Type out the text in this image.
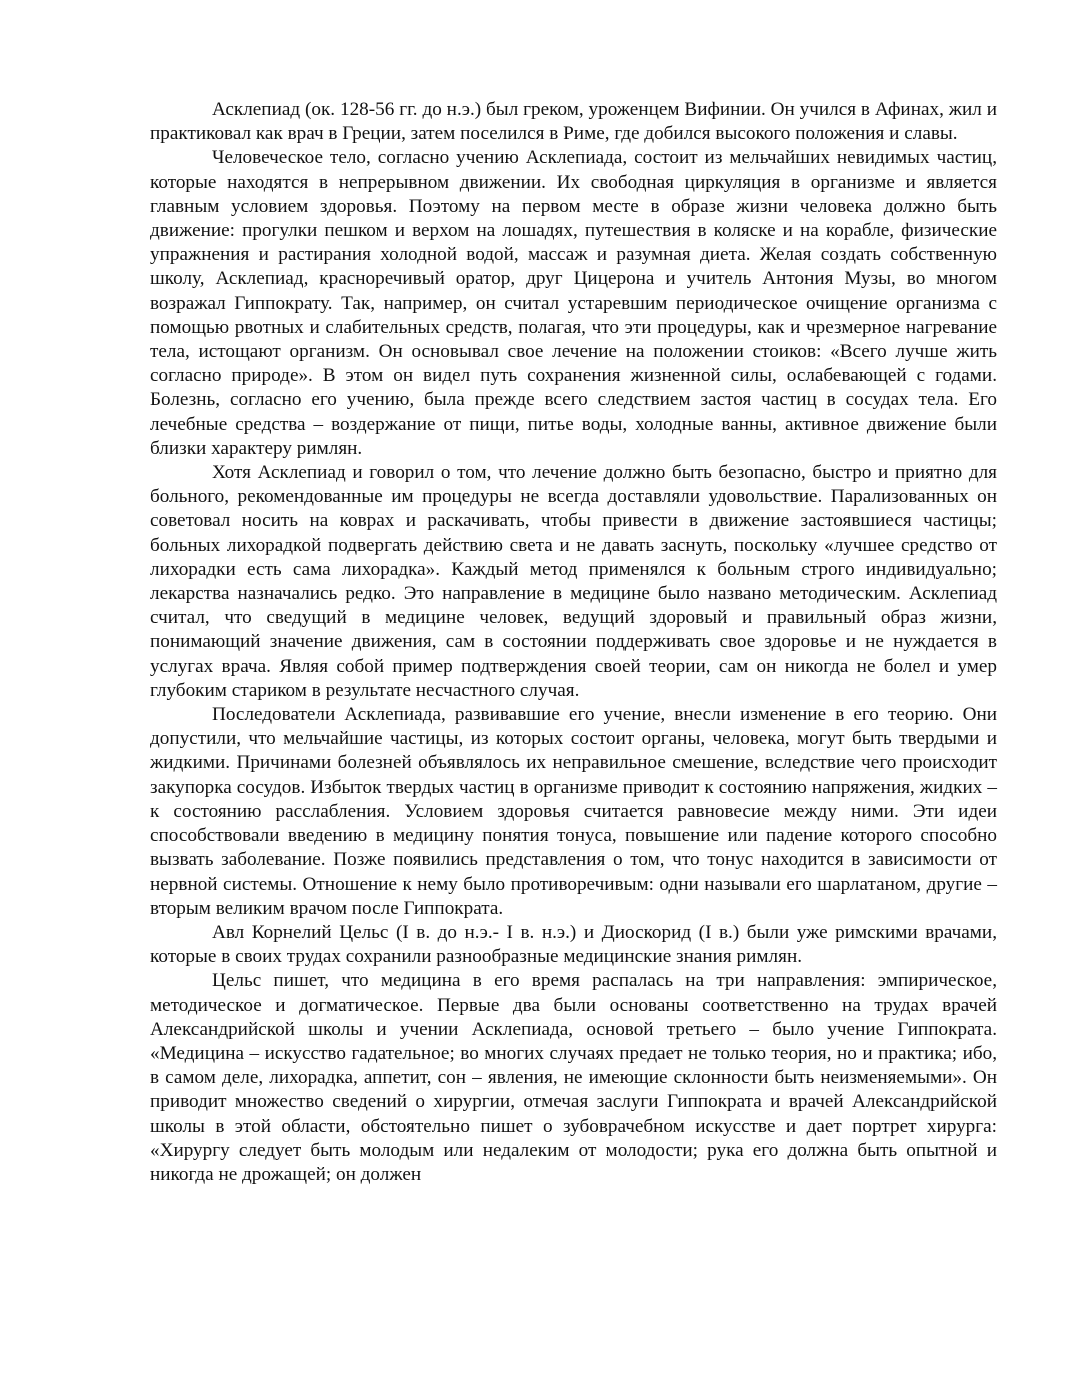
Асклепиад (ок. 128-56 гг. до н.э.) был греком, уроженцем Вифинии. Он учился в Афинах, жил и практиковал как врач в Греции, затем поселился в Риме, где добился высокого положения и славы.

Человеческое тело, согласно учению Асклепиада, состоит из мельчайших невидимых частиц, которые находятся в непрерывном движении. Их свободная циркуляция в организме и является главным условием здоровья. Поэтому на первом месте в образе жизни человека должно быть движение: прогулки пешком и верхом на лошадях, путешествия в коляске и на корабле, физические упражнения и растирания холодной водой, массаж и разумная диета. Желая создать собственную школу, Асклепиад, красноречивый оратор, друг Цицерона и учитель Антония Музы, во многом возражал Гиппократу. Так, например, он считал устаревшим периодическое очищение организма с помощью рвотных и слабительных средств, полагая, что эти процедуры, как и чрезмерное нагревание тела, истощают организм. Он основывал свое лечение на положении стоиков: «Всего лучше жить согласно природе». В этом он видел путь сохранения жизненной силы, ослабевающей с годами. Болезнь, согласно его учению, была прежде всего следствием застоя частиц в сосудах тела. Его лечебные средства – воздержание от пищи, питье воды, холодные ванны, активное движение были близки характеру римлян.

Хотя Асклепиад и говорил о том, что лечение должно быть безопасно, быстро и приятно для больного, рекомендованные им процедуры не всегда доставляли удовольствие. Парализованных он советовал носить на коврах и раскачивать, чтобы привести в движение застоявшиеся частицы; больных лихорадкой подвергать действию света и не давать заснуть, поскольку «лучшее средство от лихорадки есть сама лихорадка». Каждый метод применялся к больным строго индивидуально; лекарства назначались редко. Это направление в медицине было названо методическим. Асклепиад считал, что сведущий в медицине человек, ведущий здоровый и правильный образ жизни, понимающий значение движения, сам в состоянии поддерживать свое здоровье и не нуждается в услугах врача. Являя собой пример подтверждения своей теории, сам он никогда не болел и умер глубоким стариком в результате несчастного случая.

Последователи Асклепиада, развивавшие его учение, внесли изменение в его теорию. Они допустили, что мельчайшие частицы, из которых состоит органы, человека, могут быть твердыми и жидкими. Причинами болезней объявлялось их неправильное смешение, вследствие чего происходит закупорка сосудов. Избыток твердых частиц в организме приводит к состоянию напряжения, жидких – к состоянию расслабления. Условием здоровья считается равновесие между ними. Эти идеи способствовали введению в медицину понятия тонуса, повышение или падение которого способно вызвать заболевание. Позже появились представления о том, что тонус находится в зависимости от нервной системы. Отношение к нему было противоречивым: одни называли его шарлатаном, другие – вторым великим врачом после Гиппократа.

Авл Корнелий Цельс (I в. до н.э.- I в. н.э.) и Диоскорид (I в.) были уже римскими врачами, которые в своих трудах сохранили разнообразные медицинские знания римлян.

Цельс пишет, что медицина в его время распалась на три направления: эмпирическое, методическое и догматическое. Первые два были основаны соответственно на трудах врачей Александрийской школы и учении Асклепиада, основой третьего – было учение Гиппократа. «Медицина – искусство гадательное; во многих случаях предает не только теория, но и практика; ибо, в самом деле, лихорадка, аппетит, сон – явления, не имеющие склонности быть неизменяемыми». Он приводит множество сведений о хирургии, отмечая заслуги Гиппократа и врачей Александрийской школы в этой области, обстоятельно пишет о зубоврачебном искусстве и дает портрет хирурга: «Хирургу следует быть молодым или недалеким от молодости; рука его должна быть опытной и никогда не дрожащей; он должен
